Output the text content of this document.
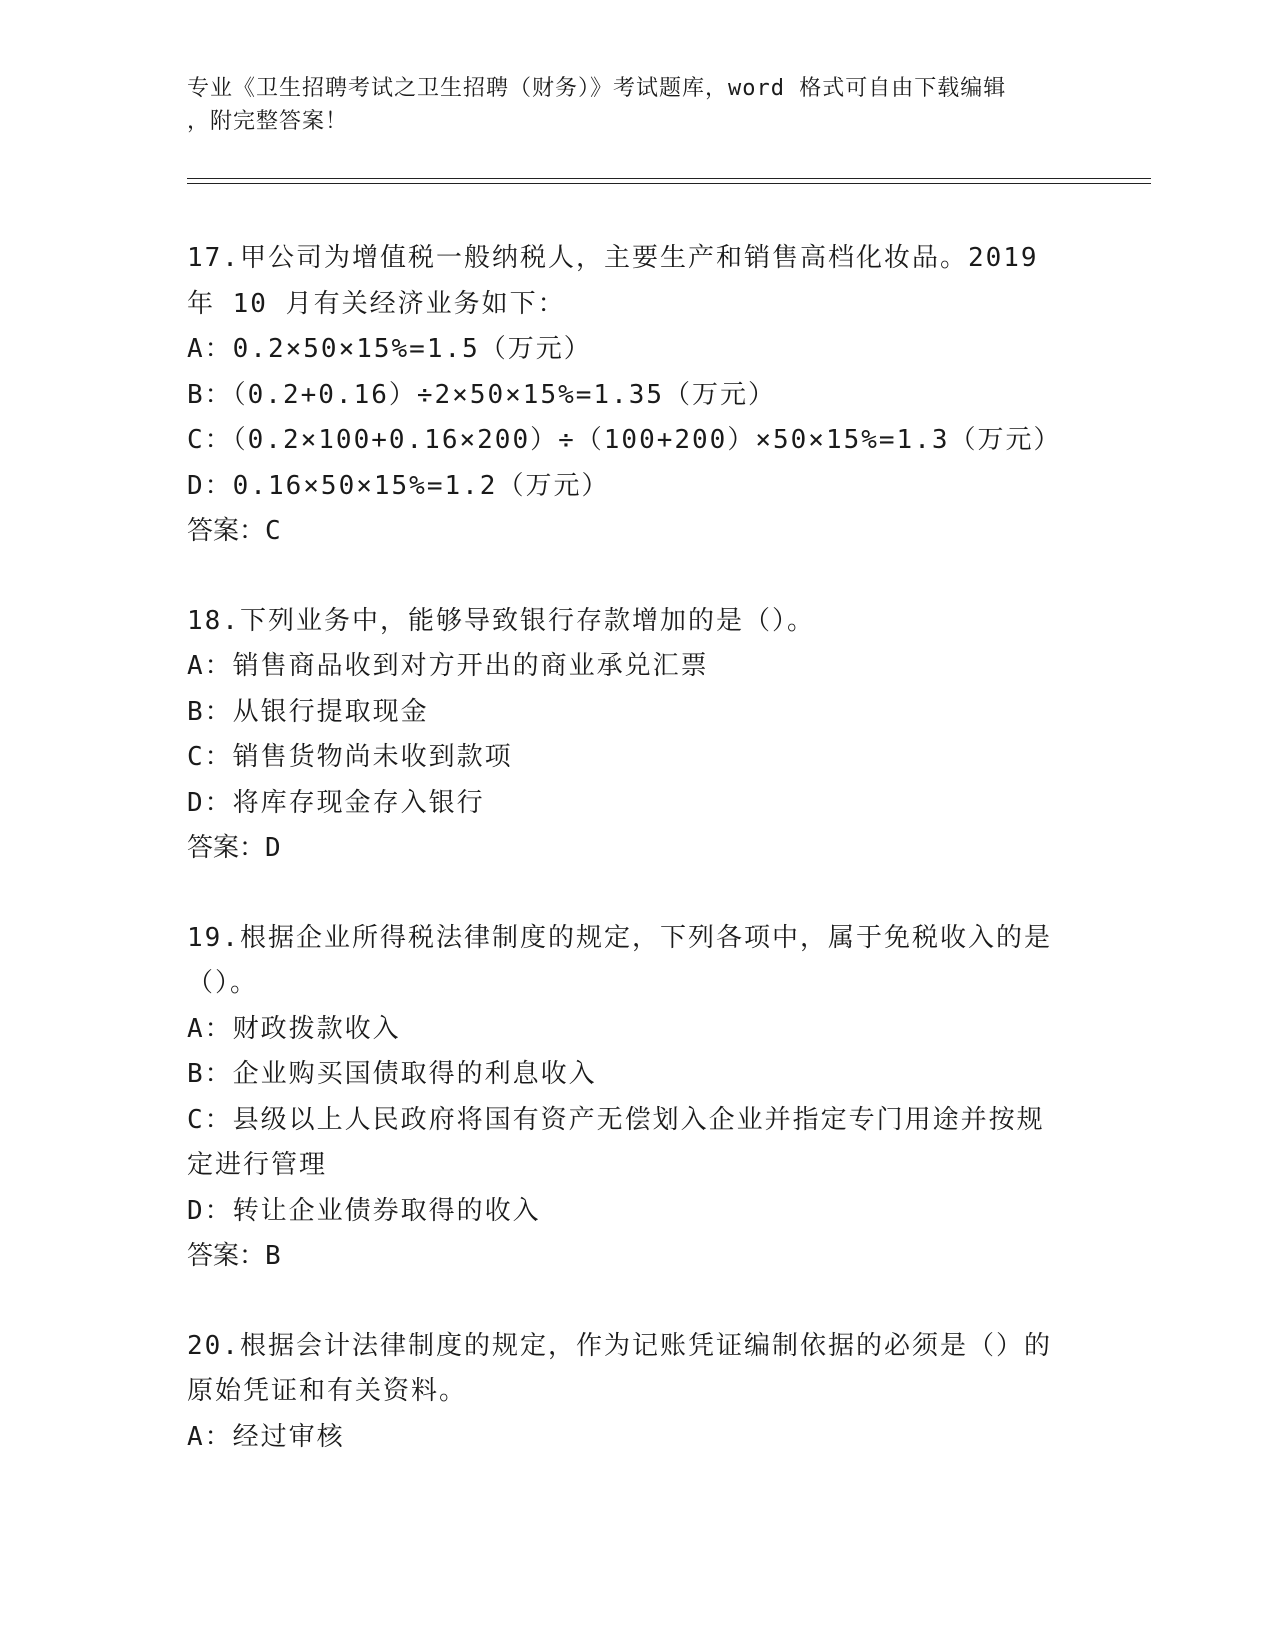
专业《卫生招聘考试之卫生招聘（财务）》考试题库，word 格式可自由下载编辑
，附完整答案！
17.甲公司为增值税一般纳税人，主要生产和销售高档化妆品。2019
年 10 月有关经济业务如下：
A：0.2×50×15%=1.5（万元）
B：（0.2+0.16）÷2×50×15%=1.35（万元）
C：（0.2×100+0.16×200）÷（100+200）×50×15%=1.3（万元）
D：0.16×50×15%=1.2（万元）
答案：C
18.下列业务中，能够导致银行存款增加的是（）。
A：销售商品收到对方开出的商业承兑汇票
B：从银行提取现金
C：销售货物尚未收到款项
D：将库存现金存入银行
答案：D
19.根据企业所得税法律制度的规定，下列各项中，属于免税收入的是
（）。
A：财政拨款收入
B：企业购买国债取得的利息收入
C：县级以上人民政府将国有资产无偿划入企业并指定专门用途并按规
定进行管理
D：转让企业债券取得的收入
答案：B
20.根据会计法律制度的规定，作为记账凭证编制依据的必须是（）的
原始凭证和有关资料。
A：经过审核
